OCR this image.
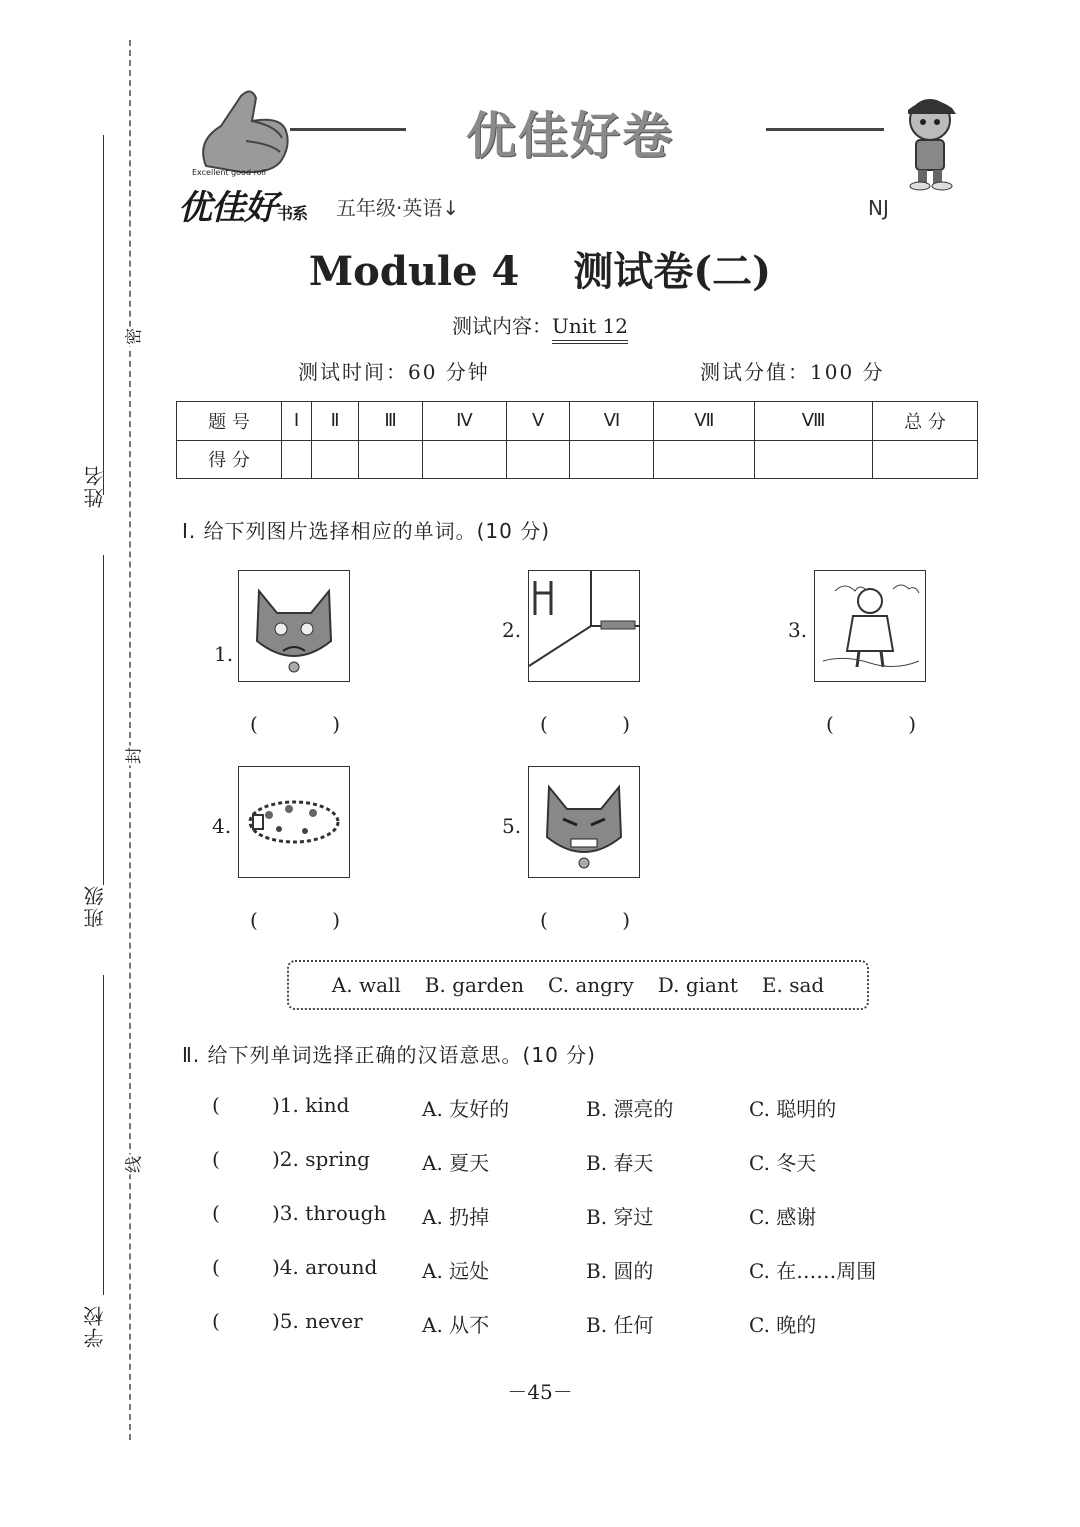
姓名
班级
学校
密
封
线
Excellent good roll
优佳好书系 五年级·英语↓
优佳好卷
NJ
Module 4　 测试卷(二)
测试内容：Unit 12
测试时间：60 分钟	测试分值：100 分
题 号	Ⅰ	Ⅱ	Ⅲ	Ⅳ	Ⅴ	Ⅵ	Ⅶ	Ⅷ	总 分
得 分									
Ⅰ. 给下列图片选择相应的单词。(10 分)
1.
(	)
2.
(	)
3.
(	)
4.
(	)
5.
(	)
A. wall B. garden C. angry D. giant E. sad
Ⅱ. 给下列单词选择正确的汉语意思。(10 分)
(	)1. kind	A. 友好的	B. 漂亮的	C. 聪明的
(	)2. spring	A. 夏天	B. 春天	C. 冬天
(	)3. through A. 扔掉	B. 穿过	C. 感谢
(	)4. around A. 远处	B. 圆的	C. 在……周围
(	)5. never	A. 从不	B. 任何	C. 晚的
－45－
